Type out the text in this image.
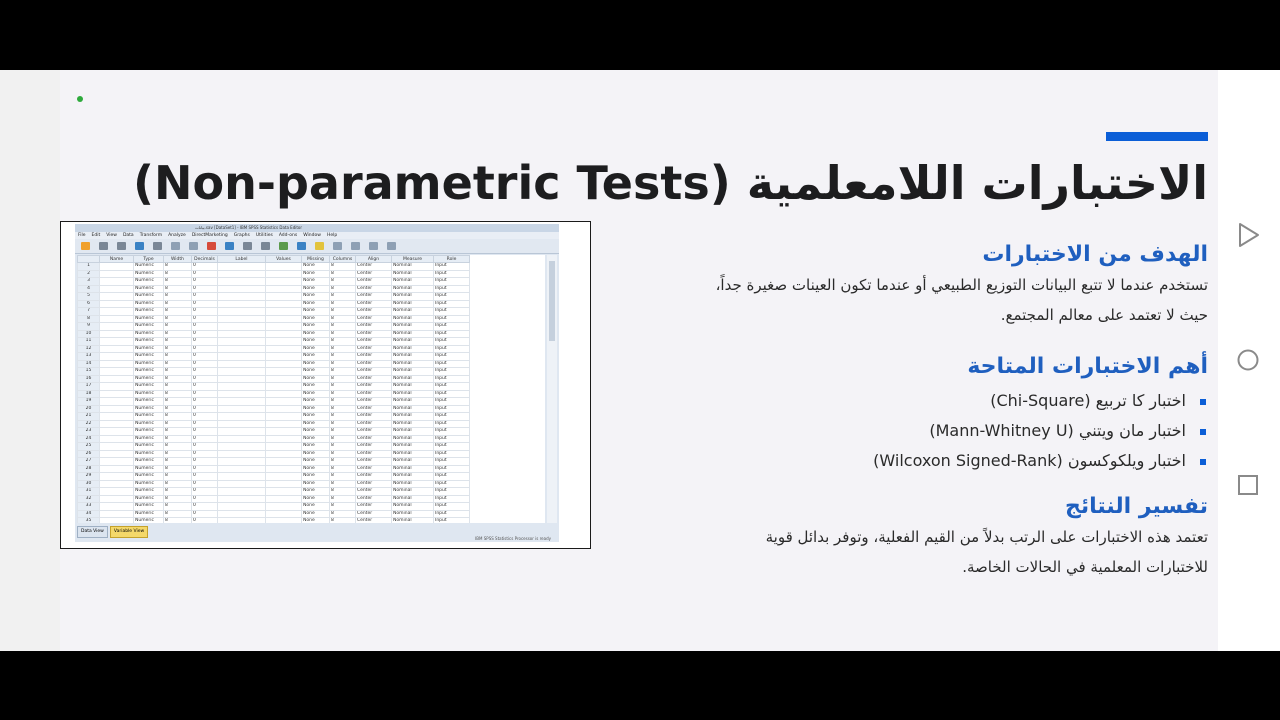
الاختبارات اللامعلمية (Non-parametric Tests)
بيانات.sav [DataSet1] - IBM SPSS Statistics Data Editor
File Edit View Data Transform Analyze DirectMarketing Graphs Utilities Add-ons Window Help
	Name	Type	Width	Decimals	Label	Values	Missing	Columns	Align	Measure	Role
1		Numeric	8	0			None	8	Center	Nominal	Input
2		Numeric	8	0			None	8	Center	Nominal	Input
3		Numeric	8	0			None	8	Center	Nominal	Input
4		Numeric	8	0			None	8	Center	Nominal	Input
5		Numeric	8	0			None	8	Center	Nominal	Input
6		Numeric	8	0			None	8	Center	Nominal	Input
7		Numeric	8	0			None	8	Center	Nominal	Input
8		Numeric	8	0			None	8	Center	Nominal	Input
9		Numeric	8	0			None	8	Center	Nominal	Input
10		Numeric	8	0			None	8	Center	Nominal	Input
11		Numeric	8	0			None	8	Center	Nominal	Input
12		Numeric	8	0			None	8	Center	Nominal	Input
13		Numeric	8	0			None	8	Center	Nominal	Input
14		Numeric	8	0			None	8	Center	Nominal	Input
15		Numeric	8	0			None	8	Center	Nominal	Input
16		Numeric	8	0			None	8	Center	Nominal	Input
17		Numeric	8	0			None	8	Center	Nominal	Input
18		Numeric	8	0			None	8	Center	Nominal	Input
19		Numeric	8	0			None	8	Center	Nominal	Input
20		Numeric	8	0			None	8	Center	Nominal	Input
21		Numeric	8	0			None	8	Center	Nominal	Input
22		Numeric	8	0			None	8	Center	Nominal	Input
23		Numeric	8	0			None	8	Center	Nominal	Input
24		Numeric	8	0			None	8	Center	Nominal	Input
25		Numeric	8	0			None	8	Center	Nominal	Input
26		Numeric	8	0			None	8	Center	Nominal	Input
27		Numeric	8	0			None	8	Center	Nominal	Input
28		Numeric	8	0			None	8	Center	Nominal	Input
29		Numeric	8	0			None	8	Center	Nominal	Input
30		Numeric	8	0			None	8	Center	Nominal	Input
31		Numeric	8	0			None	8	Center	Nominal	Input
32		Numeric	8	0			None	8	Center	Nominal	Input
33		Numeric	8	0			None	8	Center	Nominal	Input
34		Numeric	8	0			None	8	Center	Nominal	Input
35		Numeric	8	0			None	8	Center	Nominal	Input

Data View Variable View
IBM SPSS Statistics Processor is ready
الهدف من الاختبارات

تستخدم عندما لا تتبع البيانات التوزيع الطبيعي أو عندما تكون العينات صغيرة جداً، حيث لا تعتمد على معالم المجتمع.

أهم الاختبارات المتاحة
اختبار كا تربيع (Chi-Square)
اختبار مان ويتني (Mann-Whitney U)
اختبار ويلكوكسون (Wilcoxon Signed-Rank)
تفسير النتائج

تعتمد هذه الاختبارات على الرتب بدلاً من القيم الفعلية، وتوفر بدائل قوية للاختبارات المعلمية في الحالات الخاصة.
